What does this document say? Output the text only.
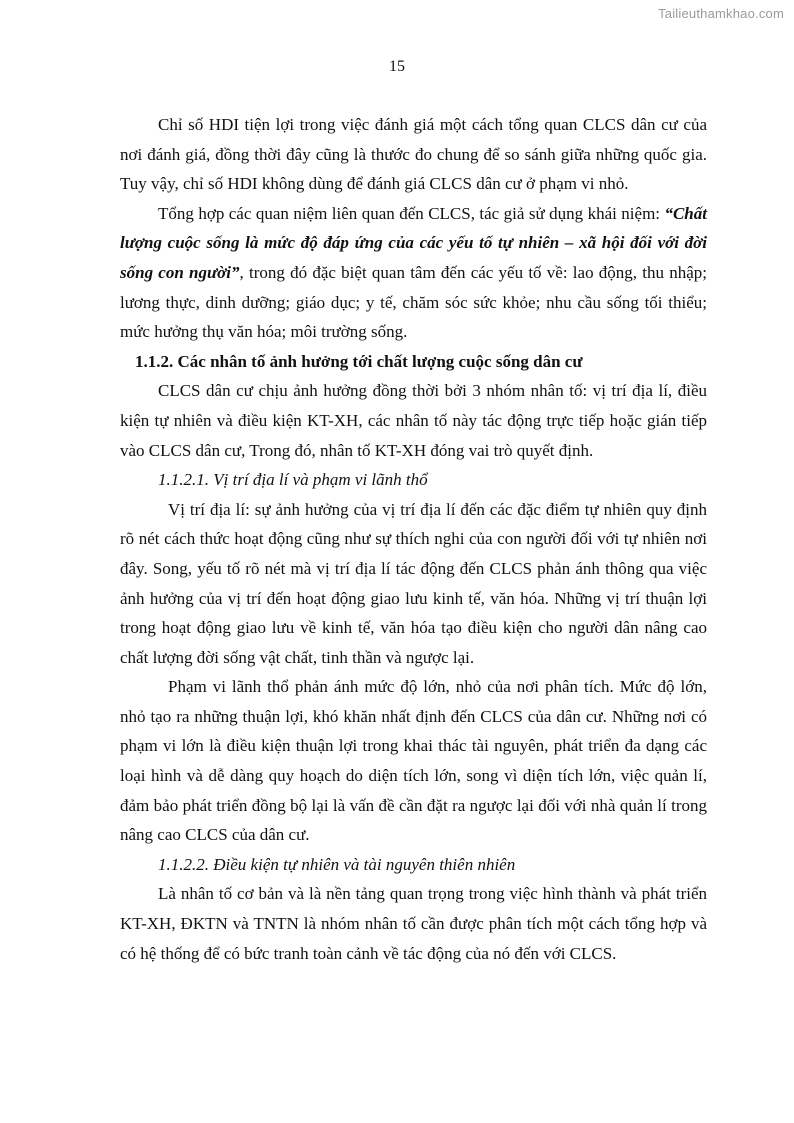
Tailieuthamkhao.com
15

Chỉ số HDI tiện lợi trong việc đánh giá một cách tổng quan CLCS dân cư của nơi đánh giá, đồng thời đây cũng là thước đo chung để so sánh giữa những quốc gia. Tuy vậy, chỉ số HDI không dùng để đánh giá CLCS dân cư ở phạm vi nhỏ.

Tổng hợp các quan niệm liên quan đến CLCS, tác giả sử dụng khái niệm: “Chất lượng cuộc sống là mức độ đáp ứng của các yếu tố tự nhiên – xã hội đối với đời sống con người”, trong đó đặc biệt quan tâm đến các yếu tố về: lao động, thu nhập; lương thực, dinh dưỡng; giáo dục; y tế, chăm sóc sức khỏe; nhu cầu sống tối thiểu; mức hưởng thụ văn hóa; môi trường sống.

1.1.2. Các nhân tố ảnh hưởng tới chất lượng cuộc sống dân cư

CLCS dân cư chịu ảnh hưởng đồng thời bởi 3 nhóm nhân tố: vị trí địa lí, điều kiện tự nhiên và điều kiện KT-XH, các nhân tố này tác động trực tiếp hoặc gián tiếp vào CLCS dân cư, Trong đó, nhân tố KT-XH đóng vai trò quyết định.

1.1.2.1. Vị trí địa lí và phạm vi lãnh thổ

Vị trí địa lí: sự ảnh hưởng của vị trí địa lí đến các đặc điểm tự nhiên quy định rõ nét cách thức hoạt động cũng như sự thích nghi của con người đối với tự nhiên nơi đây. Song, yếu tố rõ nét mà vị trí địa lí tác động đến CLCS phản ánh thông qua việc ảnh hưởng của vị trí đến hoạt động giao lưu kinh tế, văn hóa. Những vị trí thuận lợi trong hoạt động giao lưu về kinh tế, văn hóa tạo điều kiện cho người dân nâng cao chất lượng đời sống vật chất, tinh thần và ngược lại.

Phạm vi lãnh thổ phản ánh mức độ lớn, nhỏ của nơi phân tích. Mức độ lớn, nhỏ tạo ra những thuận lợi, khó khăn nhất định đến CLCS của dân cư. Những nơi có phạm vi lớn là điều kiện thuận lợi trong khai thác tài nguyên, phát triển đa dạng các loại hình và dễ dàng quy hoạch do diện tích lớn, song vì diện tích lớn, việc quản lí, đảm bảo phát triển đồng bộ lại là vấn đề cần đặt ra ngược lại đối với nhà quản lí trong nâng cao CLCS của dân cư.

1.1.2.2. Điều kiện tự nhiên và tài nguyên thiên nhiên

Là nhân tố cơ bản và là nền tảng quan trọng trong việc hình thành và phát triển KT-XH, ĐKTN và TNTN là nhóm nhân tố cần được phân tích một cách tổng hợp và có hệ thống để có bức tranh toàn cảnh về tác động của nó đến với CLCS.
